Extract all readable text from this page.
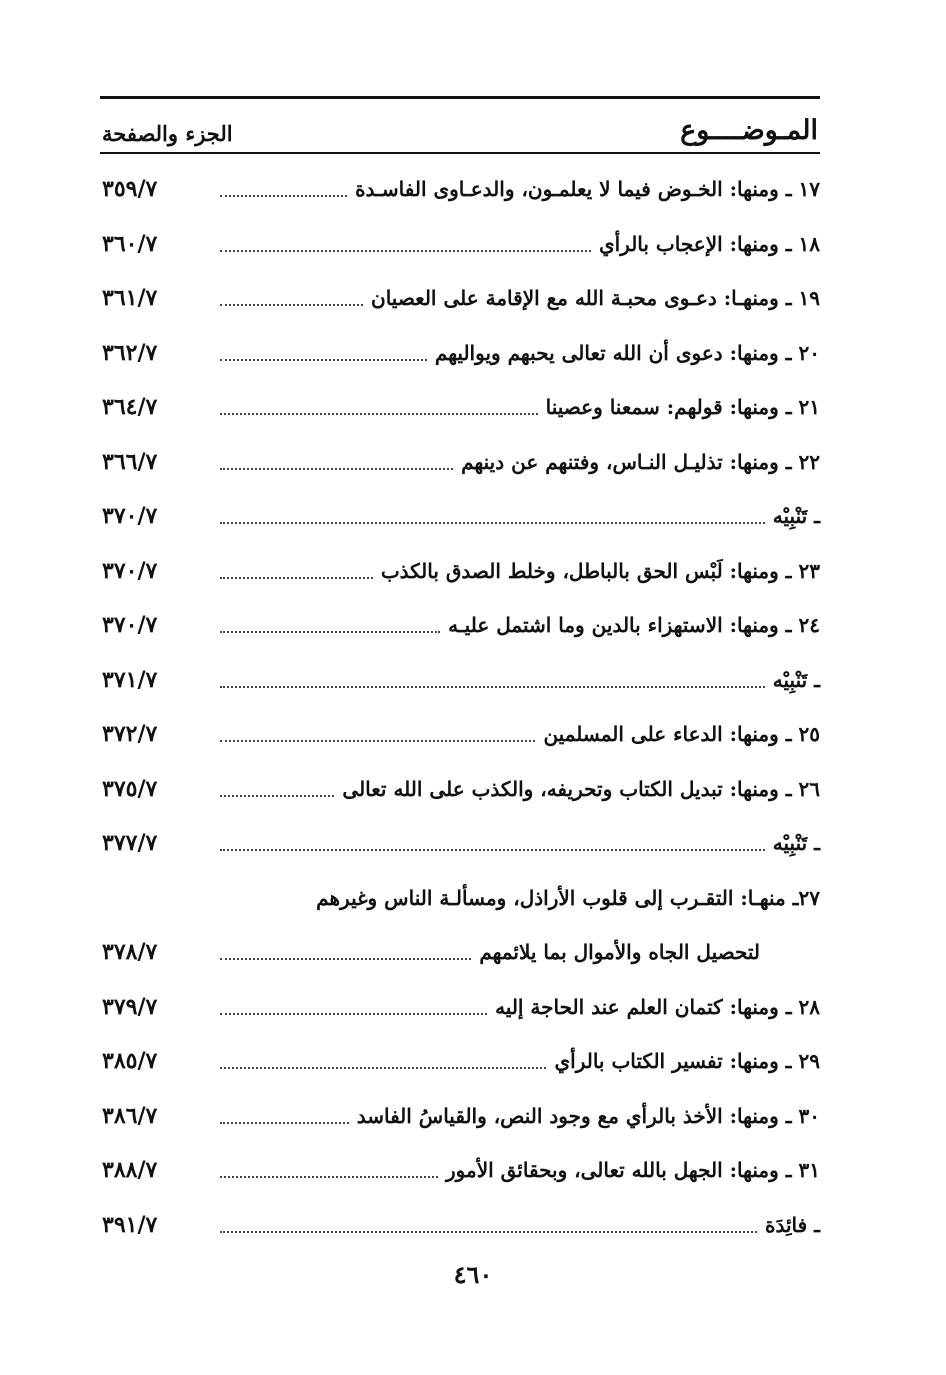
المـوضــــوع
الجزء والصفحة
١٧ ـ ومنها: الخـوض فيما لا يعلمـون، والدعـاوى الفاسـدة
٣٥٩/٧
١٨ ـ ومنها: الإعجاب بالرأي
٣٦٠/٧
١٩ ـ ومنهـا: دعـوى محبـة الله مع الإقامة على العصيان
٣٦١/٧
٢٠ ـ ومنها: دعوى أن الله تعالى يحبهم ويواليهم
٣٦٢/٧
٢١ ـ ومنها: قولهم: سمعنا وعصينا
٣٦٤/٧
٢٢ ـ ومنها: تذليـل النـاس، وفتنهم عن دينهم
٣٦٦/٧
ـ تَنْبِيْه
٣٧٠/٧
٢٣ ـ ومنها: لَبْس الحق بالباطل، وخلط الصدق بالكذب
٣٧٠/٧
٢٤ ـ ومنها: الاستهزاء بالدين وما اشتمل عليـه
٣٧٠/٧
ـ تَنْبِيْه
٣٧١/٧
٢٥ ـ ومنها: الدعاء على المسلمين
٣٧٢/٧
٢٦ ـ ومنها: تبديل الكتاب وتحريفه، والكذب على الله تعالى
٣٧٥/٧
ـ تَنْبِيْه
٣٧٧/٧
٢٧ـ منهـا: التقـرب إلى قلوب الأراذل، ومسألـة الناس وغيرهم
لتحصيل الجاه والأموال بما يلائمهم
٣٧٨/٧
٢٨ ـ ومنها: كتمان العلم عند الحاجة إليه
٣٧٩/٧
٢٩ ـ ومنها: تفسير الكتاب بالرأي
٣٨٥/٧
٣٠ ـ ومنها: الأخذ بالرأي مع وجود النص، والقياسُ الفاسد
٣٨٦/٧
٣١ ـ ومنها: الجهل بالله تعالى، وبحقائق الأمور
٣٨٨/٧
ـ فائِدَة
٣٩١/٧
٤٦٠
